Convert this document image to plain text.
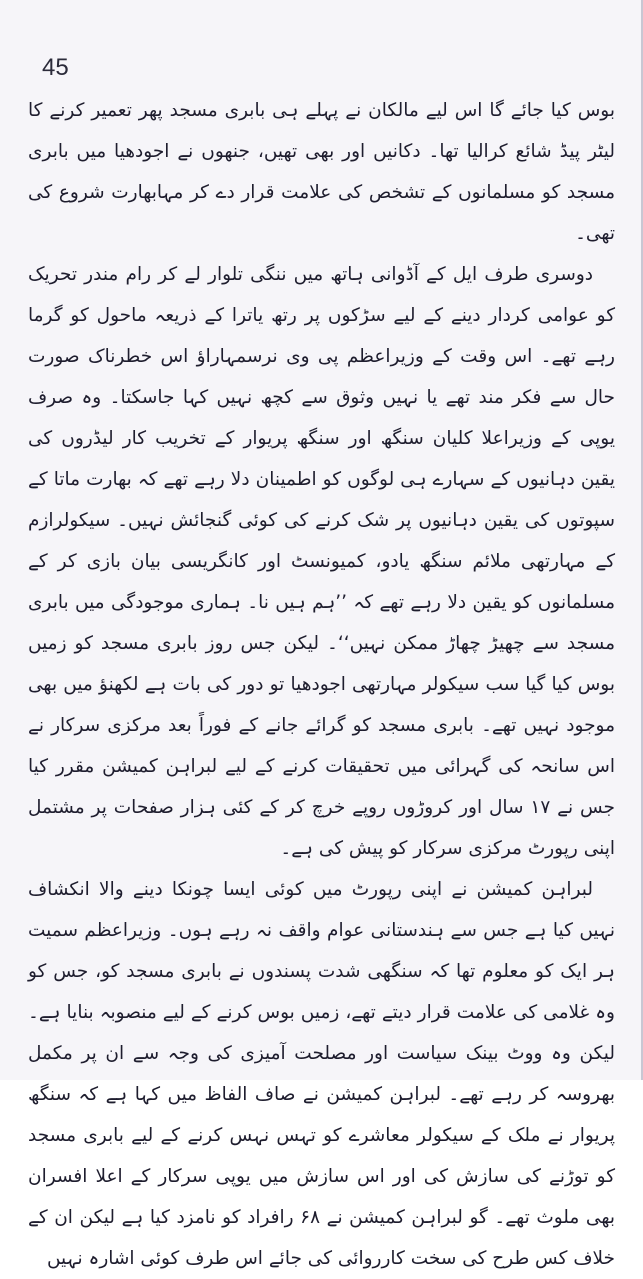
45

بوس کیا جائے گا اس لیے مالکان نے پہلے ہی بابری مسجد پھر تعمیر کرنے کا لیٹر پیڈ شائع کرالیا تھا۔ دکانیں اور بھی تھیں، جنھوں نے اجودھیا میں بابری مسجد کو مسلمانوں کے تشخص کی علامت قرار دے کر مہابھارت شروع کی تھی۔

دوسری طرف ایل کے آڈوانی ہاتھ میں ننگی تلوار لے کر رام مندر تحریک کو عوامی کردار دینے کے لیے سڑکوں پر رتھ یاترا کے ذریعہ ماحول کو گرما رہے تھے۔ اس وقت کے وزیراعظم پی وی نرسمہاراؤ اس خطرناک صورت حال سے فکر مند تھے یا نہیں وثوق سے کچھ نہیں کہا جاسکتا۔ وہ صرف یوپی کے وزیراعلا کلیان سنگھ اور سنگھ پریوار کے تخریب کار لیڈروں کی یقین دہانیوں کے سہارے ہی لوگوں کو اطمینان دلا رہے تھے کہ بھارت ماتا کے سپوتوں کی یقین دہانیوں پر شک کرنے کی کوئی گنجائش نہیں۔ سیکولرازم کے مہارتھی ملائم سنگھ یادو، کمیونسٹ اور کانگریسی بیان بازی کر کے مسلمانوں کو یقین دلا رہے تھے کہ ’’ہم ہیں نا۔ ہماری موجودگی میں بابری مسجد سے چھیڑ چھاڑ ممکن نہیں‘‘۔ لیکن جس روز بابری مسجد کو زمیں بوس کیا گیا سب سیکولر مہارتھی اجودھیا تو دور کی بات ہے لکھنؤ میں بھی موجود نہیں تھے۔ بابری مسجد کو گرائے جانے کے فوراً بعد مرکزی سرکار نے اس سانحہ کی گہرائی میں تحقیقات کرنے کے لیے لبراہن کمیشن مقرر کیا جس نے ۱۷ سال اور کروڑوں روپے خرچ کر کے کئی ہزار صفحات پر مشتمل اپنی رپورٹ مرکزی سرکار کو پیش کی ہے۔

لبراہن کمیشن نے اپنی رپورٹ میں کوئی ایسا چونکا دینے والا انکشاف نہیں کیا ہے جس سے ہندستانی عوام واقف نہ رہے ہوں۔ وزیراعظم سمیت ہر ایک کو معلوم تھا کہ سنگھی شدت پسندوں نے بابری مسجد کو، جس کو وہ غلامی کی علامت قرار دیتے تھے، زمیں بوس کرنے کے لیے منصوبہ بنایا ہے۔ لیکن وہ ووٹ بینک سیاست اور مصلحت آمیزی کی وجہ سے ان پر مکمل بھروسہ کر رہے تھے۔ لبراہن کمیشن نے صاف الفاظ میں کہا ہے کہ سنگھ پریوار نے ملک کے سیکولر معاشرے کو تہس نہس کرنے کے لیے بابری مسجد کو توڑنے کی سازش کی اور اس سازش میں یوپی سرکار کے اعلا افسران بھی ملوث تھے۔ گو لبراہن کمیشن نے ۶۸ رافراد کو نامزد کیا ہے لیکن ان کے خلاف کس طرح کی سخت کارروائی کی جائے اس طرف کوئی اشارہ نہیں
